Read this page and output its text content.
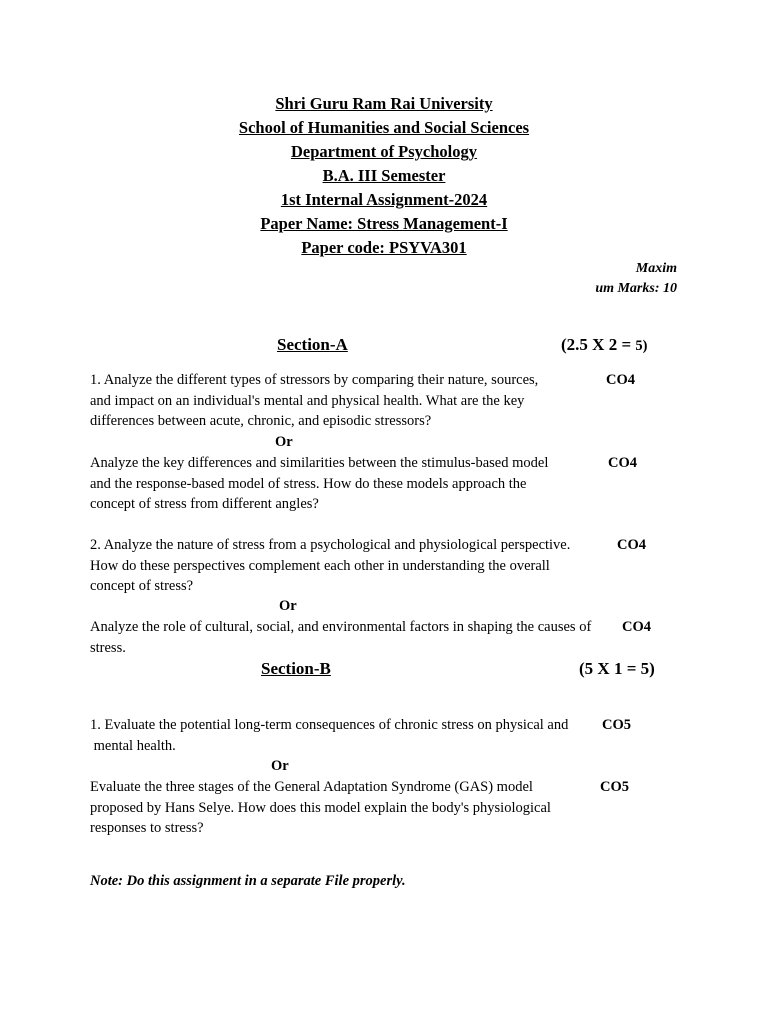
Shri Guru Ram Rai University
School of Humanities and Social Sciences
Department of Psychology
B.A. III Semester
1st Internal Assignment-2024
Paper Name: Stress Management-I
Paper code: PSYVA301
Maxim
um Marks: 10
Section-A	(2.5 X 2 = 5)
1. Analyze the different types of stressors by comparing their nature, sources,
and impact on an individual's mental and physical health. What are the key
differences between acute, chronic, and episodic stressors?
CO4
Or
Analyze the key differences and similarities between the stimulus-based model
and the response-based model of stress. How do these models approach the
concept of stress from different angles?
CO4
2. Analyze the nature of stress from a psychological and physiological perspective.
How do these perspectives complement each other in understanding the overall
concept of stress?
CO4
Or
Analyze the role of cultural, social, and environmental factors in shaping the causes of
stress.
CO4
Section-B	(5 X 1 = 5)
1. Evaluate the potential long-term consequences of chronic stress on physical and
mental health.
CO5
Or
Evaluate the three stages of the General Adaptation Syndrome (GAS) model
proposed by Hans Selye. How does this model explain the body's physiological
responses to stress?
CO5
Note: Do this assignment in a separate File properly.
